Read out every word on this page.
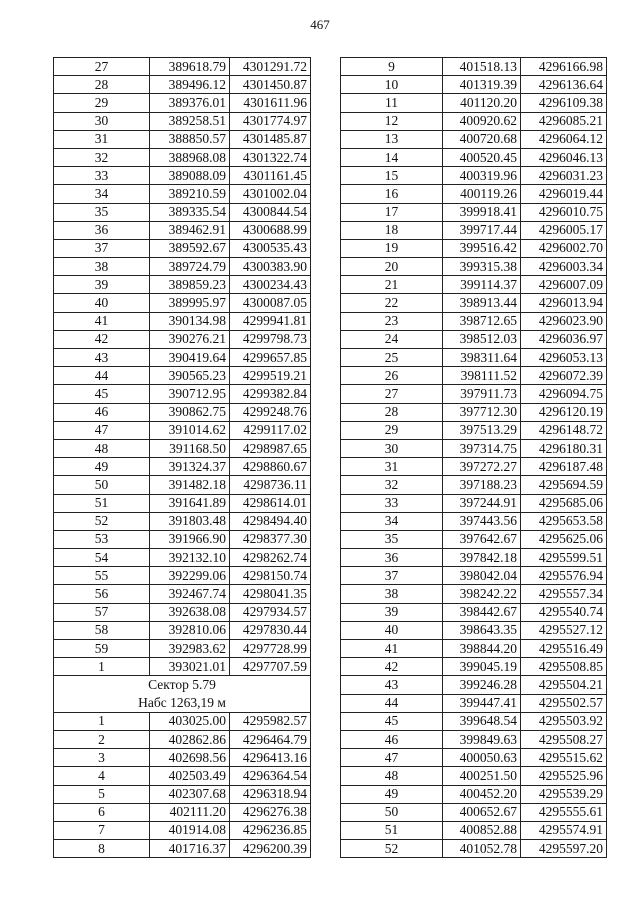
467
27	389618.79	4301291.72
28	389496.12	4301450.87
29	389376.01	4301611.96
30	389258.51	4301774.97
31	388850.57	4301485.87
32	388968.08	4301322.74
33	389088.09	4301161.45
34	389210.59	4301002.04
35	389335.54	4300844.54
36	389462.91	4300688.99
37	389592.67	4300535.43
38	389724.79	4300383.90
39	389859.23	4300234.43
40	389995.97	4300087.05
41	390134.98	4299941.81
42	390276.21	4299798.73
43	390419.64	4299657.85
44	390565.23	4299519.21
45	390712.95	4299382.84
46	390862.75	4299248.76
47	391014.62	4299117.02
48	391168.50	4298987.65
49	391324.37	4298860.67
50	391482.18	4298736.11
51	391641.89	4298614.01
52	391803.48	4298494.40
53	391966.90	4298377.30
54	392132.10	4298262.74
55	392299.06	4298150.74
56	392467.74	4298041.35
57	392638.08	4297934.57
58	392810.06	4297830.44
59	392983.62	4297728.99
1	393021.01	4297707.59
Сектор 5.79		
Набс 1263,19 м		
1	403025.00	4295982.57
2	402862.86	4296464.79
3	402698.56	4296413.16
4	402503.49	4296364.54
5	402307.68	4296318.94
6	402111.20	4296276.38
7	401914.08	4296236.85
8	401716.37	4296200.39
9	401518.13	4296166.98
10	401319.39	4296136.64
11	401120.20	4296109.38
12	400920.62	4296085.21
13	400720.68	4296064.12
14	400520.45	4296046.13
15	400319.96	4296031.23
16	400119.26	4296019.44
17	399918.41	4296010.75
18	399717.44	4296005.17
19	399516.42	4296002.70
20	399315.38	4296003.34
21	399114.37	4296007.09
22	398913.44	4296013.94
23	398712.65	4296023.90
24	398512.03	4296036.97
25	398311.64	4296053.13
26	398111.52	4296072.39
27	397911.73	4296094.75
28	397712.30	4296120.19
29	397513.29	4296148.72
30	397314.75	4296180.31
31	397272.27	4296187.48
32	397188.23	4295694.59
33	397244.91	4295685.06
34	397443.56	4295653.58
35	397642.67	4295625.06
36	397842.18	4295599.51
37	398042.04	4295576.94
38	398242.22	4295557.34
39	398442.67	4295540.74
40	398643.35	4295527.12
41	398844.20	4295516.49
42	399045.19	4295508.85
43	399246.28	4295504.21
44	399447.41	4295502.57
45	399648.54	4295503.92
46	399849.63	4295508.27
47	400050.63	4295515.62
48	400251.50	4295525.96
49	400452.20	4295539.29
50	400652.67	4295555.61
51	400852.88	4295574.91
52	401052.78	4295597.20
